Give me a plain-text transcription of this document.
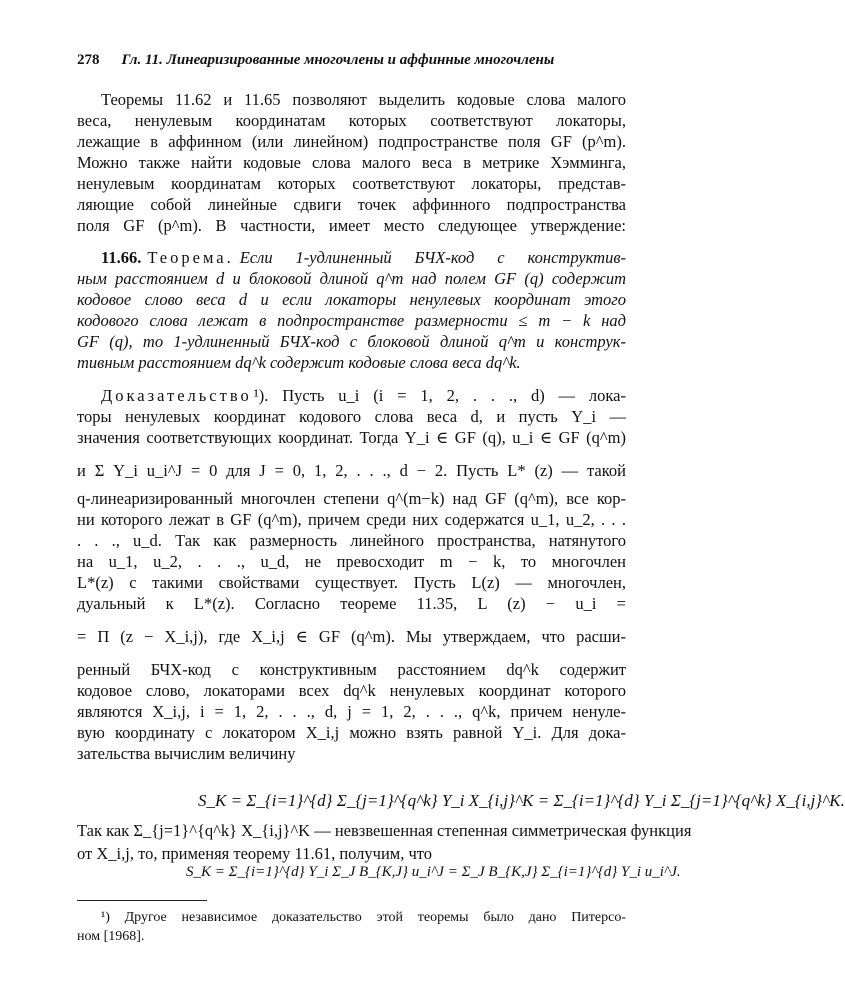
278 Гл. 11. Линеаризированные многочлены и аффинные многочлены
Теоремы 11.62 и 11.65 позволяют выделить кодовые слова малого
веса, ненулевым координатам которых соответствуют локаторы,
лежащие в аффинном (или линейном) подпространстве поля GF (p^m).
Можно также найти кодовые слова малого веса в метрике Хэмминга,
ненулевым координатам которых соответствуют локаторы, представ-
ляющие собой линейные сдвиги точек аффинного подпространства
поля GF (p^m). В частности, имеет место следующее утверждение:
11.66. Теорема. Если 1-удлиненный БЧХ-код с конструктив-
ным расстоянием d и блоковой длиной q^m над полем GF (q) содержит
кодовое слово веса d и если локаторы ненулевых координат этого
кодового слова лежат в подпространстве размерности ≤ m − k над
GF (q), то 1-удлиненный БЧХ-код с блоковой длиной q^m и конструк-
тивным расстоянием dq^k содержит кодовые слова веса dq^k.
Доказательство ¹). Пусть u_i (i = 1, 2, . . ., d) — лока-
торы ненулевых координат кодового слова веса d, и пусть Y_i —
значения соответствующих координат. Тогда Y_i ∈ GF (q), u_i ∈ GF (q^m)
и Σ Y_i u_i^J = 0 для J = 0, 1, 2, . . ., d − 2. Пусть L* (z) — такой
q-линеаризированный многочлен степени q^(m−k) над GF (q^m), все кор-
ни которого лежат в GF (q^m), причем среди них содержатся u_1, u_2, . . .
. . ., u_d. Так как размерность линейного пространства, натянутого
на u_1, u_2, . . ., u_d, не превосходит m − k, то многочлен
L*(z) с такими свойствами существует. Пусть L(z) — многочлен,
дуальный к L*(z). Согласно теореме 11.35, L (z) − u_i =
= Π (z − X_i,j), где X_i,j ∈ GF (q^m). Мы утверждаем, что расши-
ренный БЧХ-код с конструктивным расстоянием dq^k содержит
кодовое слово, локаторами всех dq^k ненулевых координат которого
являются X_i,j, i = 1, 2, . . ., d, j = 1, 2, . . ., q^k, причем ненуле-
вую координату с локатором X_i,j можно взять равной Y_i. Для дока-
зательства вычислим величину
S_K = Σ_{i=1}^{d} Σ_{j=1}^{q^k} Y_i X_{i,j}^K = Σ_{i=1}^{d} Y_i Σ_{j=1}^{q^k} X_{i,j}^K.
Так как Σ_{j=1}^{q^k} X_{i,j}^K — невзвешенная степенная симметрическая функция
от X_i,j, то, применяя теорему 11.61, получим, что
S_K = Σ_{i=1}^{d} Y_i Σ_J B_{K,J} u_i^J = Σ_J B_{K,J} Σ_{i=1}^{d} Y_i u_i^J.
¹) Другое независимое доказательство этой теоремы было дано Питерсо-
ном [1968].
